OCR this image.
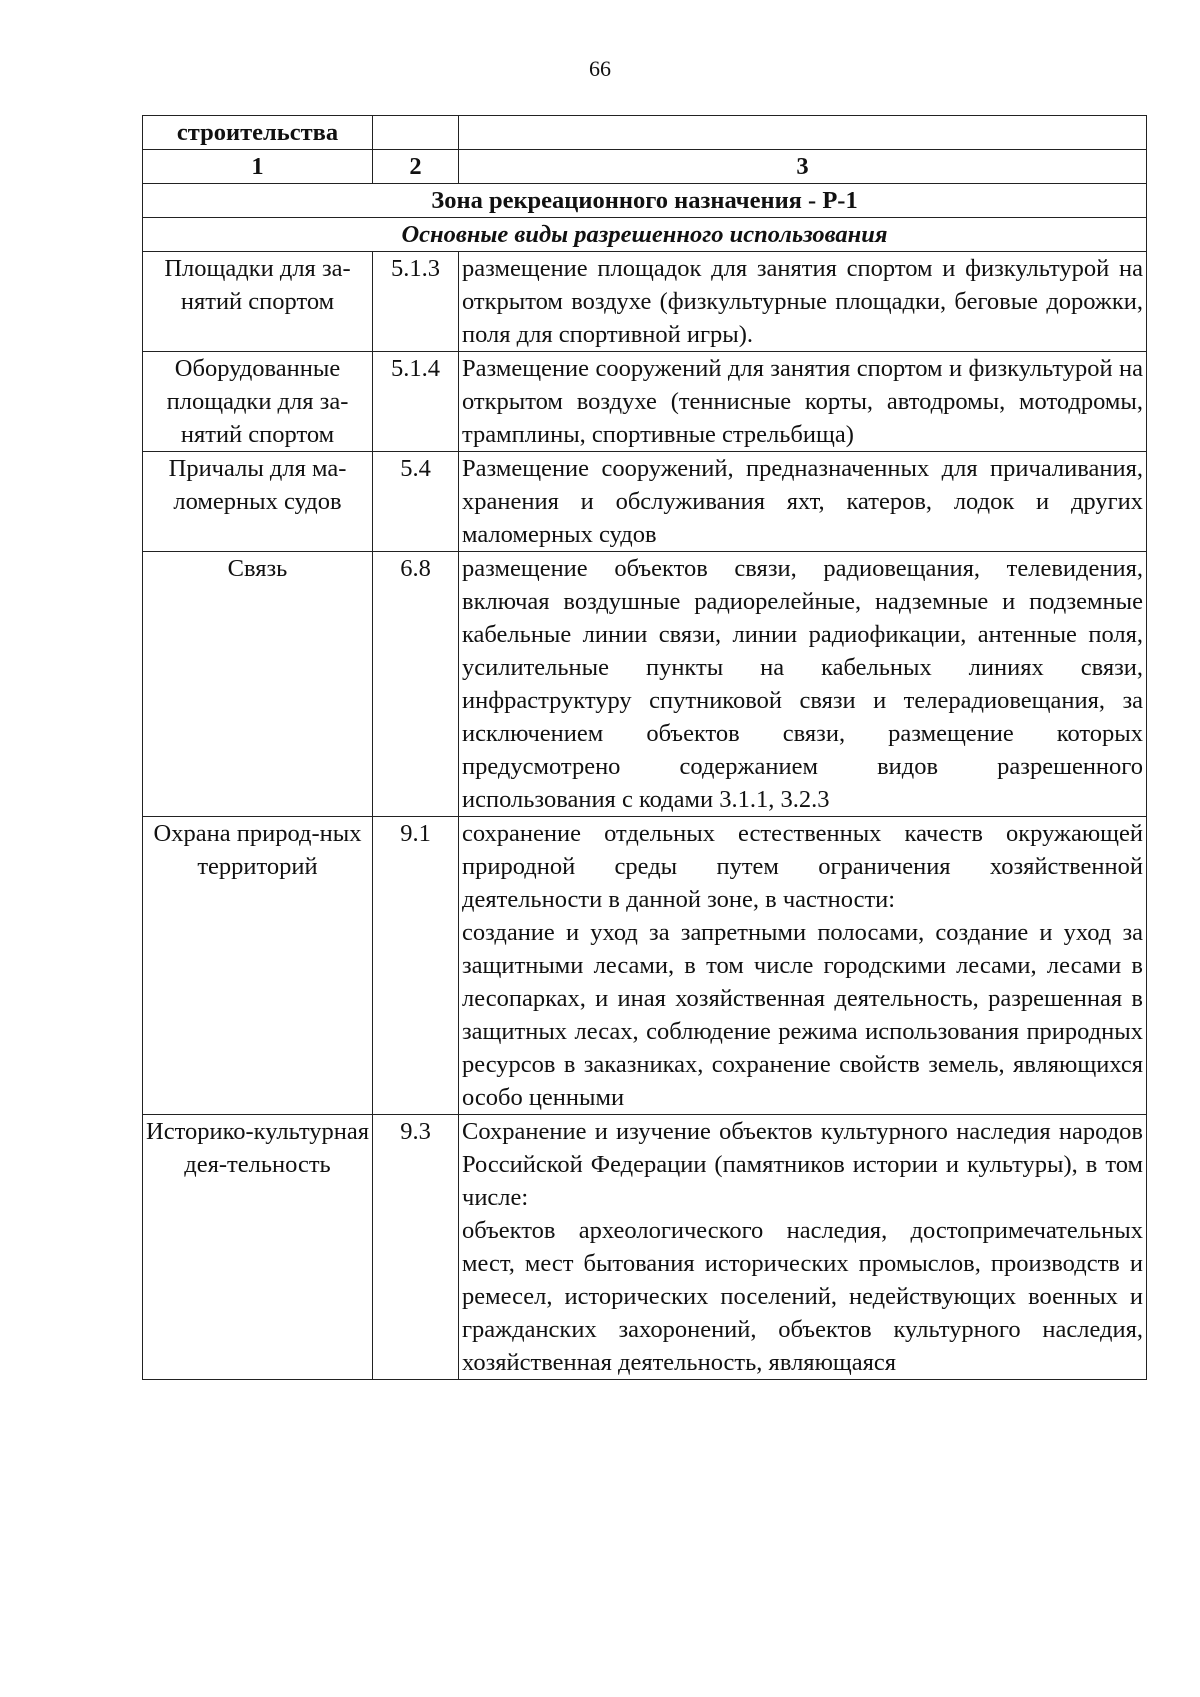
66
строительства		
1	2	3
Зона рекреационного назначения - Р-1		
Основные виды разрешенного использования		
Площадки для за-нятий спортом	5.1.3	размещение площадок для занятия спортом и физкультурой на открытом воздухе (физкультурные площадки, беговые дорожки, поля для спортивной игры).

Оборудованные площадки для за-нятий спортом	5.1.4	Размещение сооружений для занятия спортом и физкультурой на открытом воздухе (теннисные корты, автодромы, мотодромы, трамплины, спортивные стрельбища)

Причалы для ма-ломерных судов	5.4	Размещение сооружений, предназначенных для причаливания, хранения и обслуживания яхт, катеров, лодок и других маломерных судов

Связь	6.8	размещение объектов связи, радиовещания, телевидения, включая воздушные радиорелейные, надземные и подземные кабельные линии связи, линии радиофикации, антенные поля, усилительные пункты на кабельных линиях связи, инфраструктуру спутниковой связи и телерадиовещания, за исключением объектов связи, размещение которых предусмотрено содержанием видов разрешенного использования с кодами 3.1.1, 3.2.3

Охрана природ-ных территорий	9.1	сохранение отдельных естественных качеств окружающей природной среды путем ограничения хозяйственной деятельности в данной зоне, в частности:

создание и уход за запретными полосами, создание и уход за защитными лесами, в том числе городскими лесами, лесами в лесопарках, и иная хозяйственная деятельность, разрешенная в защитных лесах, соблюдение режима использования природных ресурсов в заказниках, сохранение свойств земель, являющихся особо ценными

Историко-культурная дея-тельность	9.3	Сохранение и изучение объектов культурного наследия народов Российской Федерации (памятников истории и культуры), в том числе:

объектов археологического наследия, достопримечательных мест, мест бытования исторических промыслов, производств и ремесел, исторических поселений, недействующих военных и гражданских захоронений, объектов культурного наследия, хозяйственная деятельность, являющаяся
